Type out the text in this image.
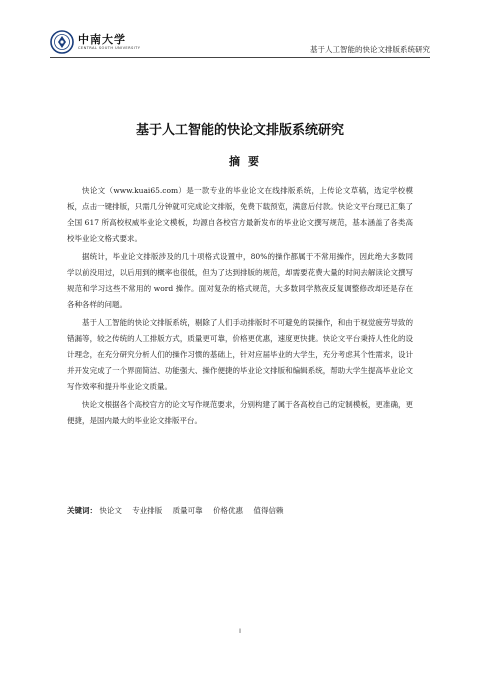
中南大学
CENTRAL SOUTH UNIVERSITY	基于人工智能的快论文排版系统研究
基于人工智能的快论文排版系统研究
摘要

快论文（www.kuai65.com）是一款专业的毕业论文在线排版系统，上传论文草稿，选定学校模板，点击一键排版，只需几分钟就可完成论文排版，免费下载预览，满意后付款。快论文平台现已汇集了全国 617 所高校权威毕业论文模板，均源自各校官方最新发布的毕业论文撰写规范，基本涵盖了各类高校毕业论文格式要求。

据统计，毕业论文排版涉及的几十项格式设置中，80%的操作都属于不常用操作，因此绝大多数同学以前没用过，以后用到的概率也很低，但为了达到排版的规范，却需要花费大量的时间去解读论文撰写规范和学习这些不常用的 word 操作。面对复杂的格式规范，大多数同学熬夜反复调整修改却还是存在各种各样的问题。

基于人工智能的快论文排版系统，剔除了人们手动排版时不可避免的误操作，和由于视觉疲劳导致的错漏等，较之传统的人工排版方式，质量更可靠，价格更优惠，速度更快捷。快论文平台秉持人性化的设计理念，在充分研究分析人们的操作习惯的基础上，针对应届毕业的大学生，充分考虑其个性需求，设计并开发完成了一个界面简洁、功能强大、操作便捷的毕业论文排版和编辑系统，帮助大学生提高毕业论文写作效率和提升毕业论文质量。

快论文根据各个高校官方的论文写作规范要求，分别构建了属于各高校自己的定制模板，更准确，更便捷，是国内最大的毕业论文排版平台。

关键词： 快论文 专业排版 质量可靠 价格优惠 值得信赖
I
